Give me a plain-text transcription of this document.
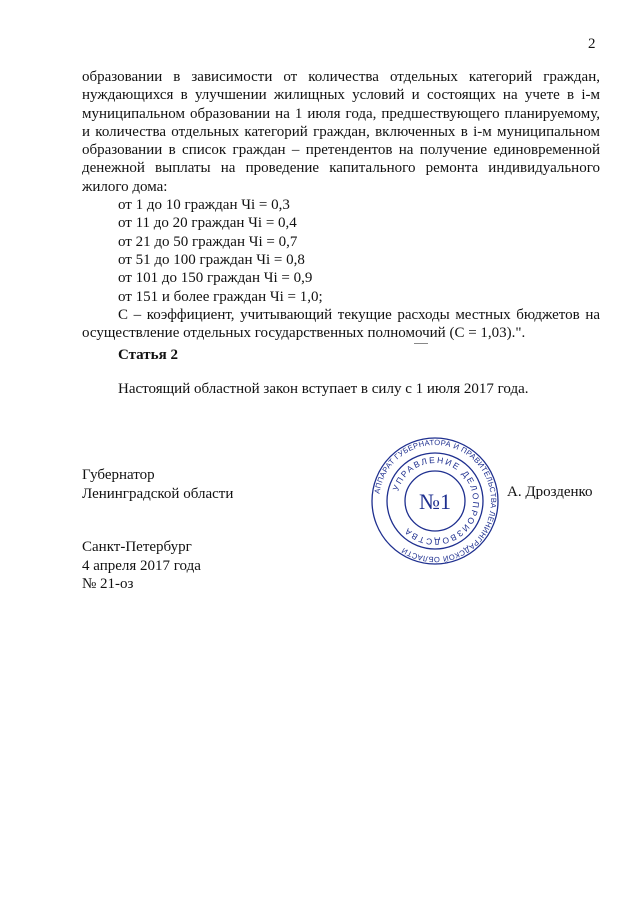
2

образовании в зависимости от количества отдельных категорий граждан, нуждающихся в улучшении жилищных условий и состоящих на учете в i-м муниципальном образовании на 1 июля года, предшествующего планируемому, и количества отдельных категорий граждан, включенных в i-м муниципальном образовании в список граждан – претендентов на получение единовременной денежной выплаты на проведение капитального ремонта индивидуального жилого дома:

от 1 до 10 граждан Чi = 0,3
от 11 до 20 граждан Чi = 0,4
от 21 до 50 граждан Чi = 0,7
от 51 до 100 граждан Чi = 0,8
от 101 до 150 граждан Чi = 0,9
от 151 и более граждан Чi = 1,0;

С – коэффициент, учитывающий текущие расходы местных бюджетов на осуществление отдельных государственных полномочий (С = 1,03).".

Статья 2
Настоящий областной закон вступает в силу с 1 июля 2017 года.
Губернатор
Ленинградской области	А. Дрозденко
АППАРАТ ГУБЕРНАТОРА И ПРАВИТЕЛЬСТВА ЛЕНИНГРАДСКОЙ ОБЛАСТИ
УПРАВЛЕНИЕ ДЕЛОПРОИЗВОДСТВА
№1
Санкт-Петербург
4 апреля 2017 года
№ 21-оз
